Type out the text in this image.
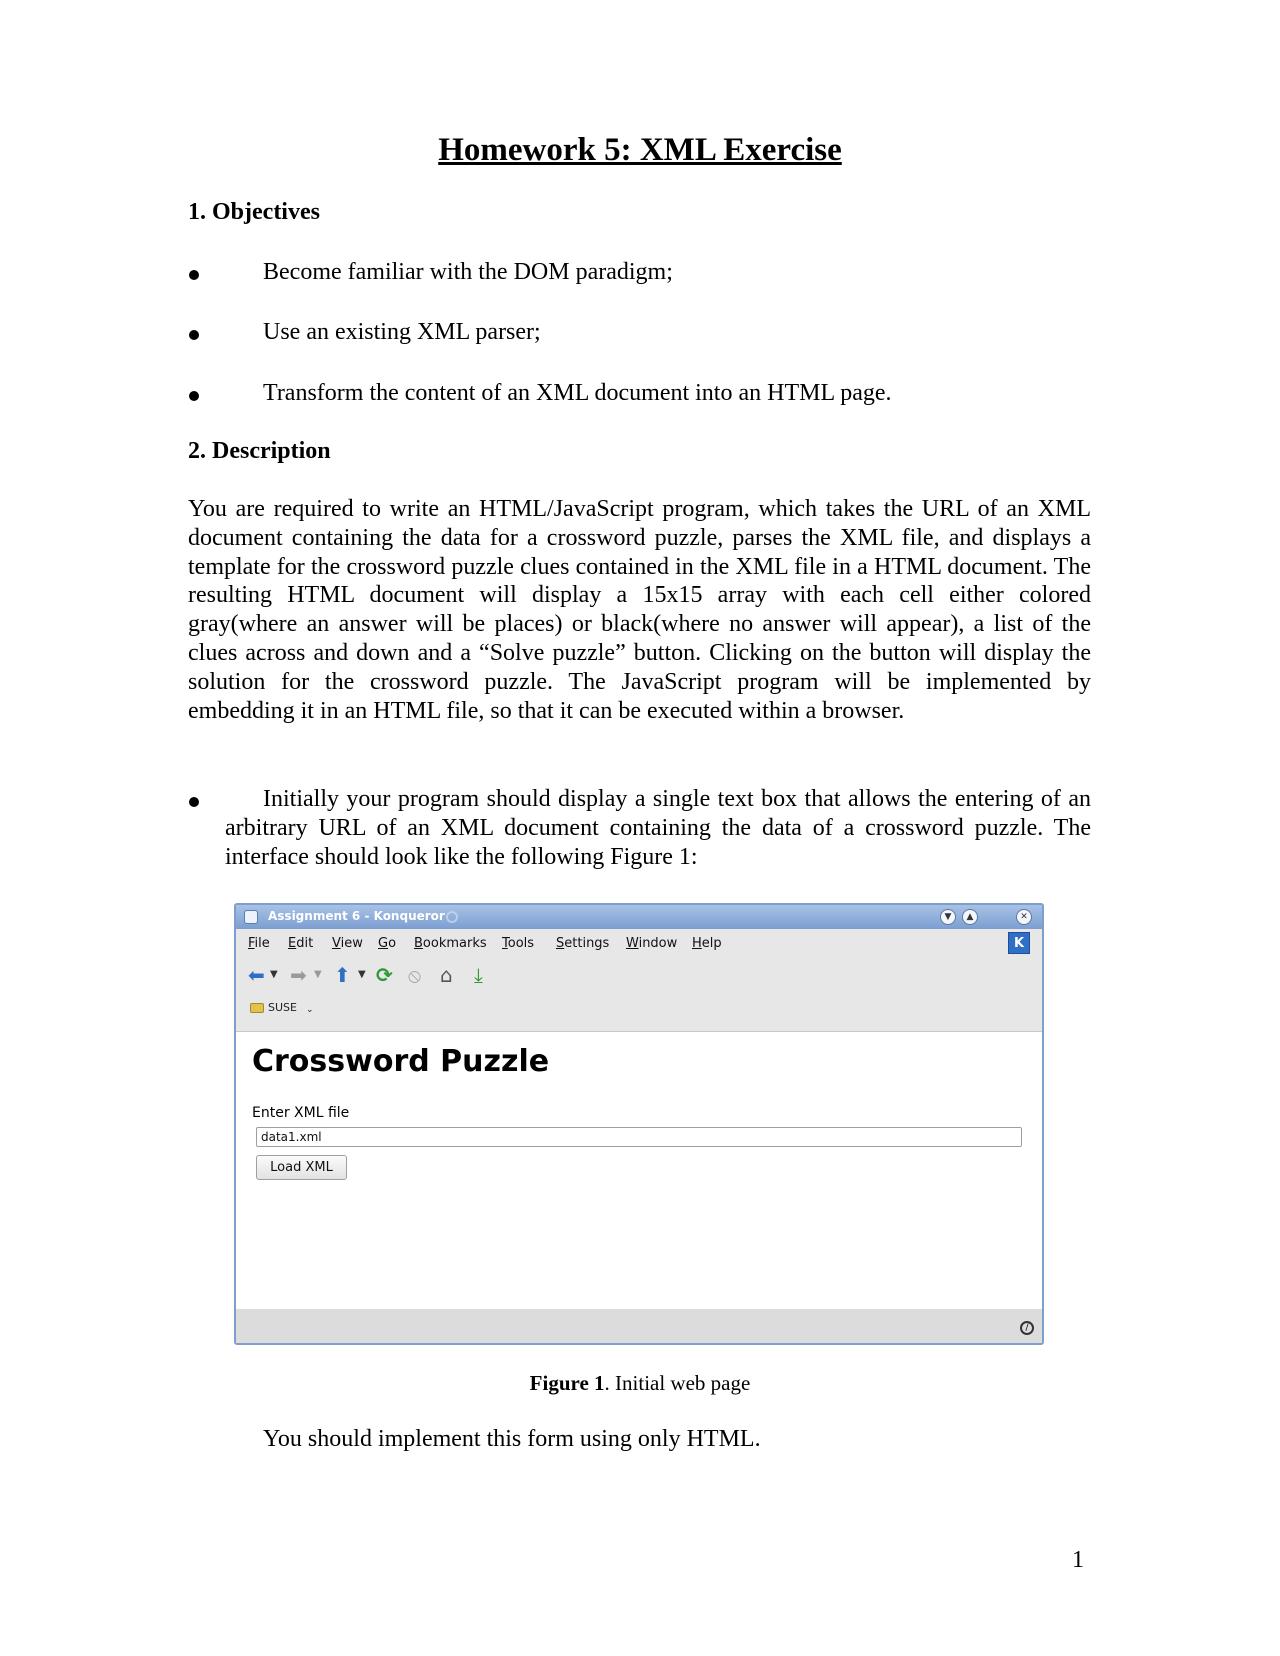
Homework 5: XML Exercise
1. Objectives
Become familiar with the DOM paradigm;
Use an existing XML parser;
Transform the content of an XML document into an HTML page.
2. Description
You are required to write an HTML/JavaScript program, which takes the URL of an XML document containing the data for a crossword puzzle, parses the XML file, and displays a template for the crossword puzzle clues contained in the XML file in a HTML document. The resulting HTML document will display a 15x15 array with each cell either colored gray(where an answer will be places) or black(where no answer will appear), a list of the clues across and down and a “Solve puzzle” button. Clicking on the button will display the solution for the crossword puzzle. The JavaScript program will be implemented by embedding it in an HTML file, so that it can be executed within a browser.
Initially your program should display a single text box that allows the entering of an arbitrary URL of an XML document containing the data of a crossword puzzle. The interface should look like the following Figure 1:
Assignment 6 - Konqueror	▼	▲	✕
File Edit View Go Bookmarks Tools Settings Window Help	K
⬅ ▼ ➡ ▼ ⬆ ▼ ⟳ ⦸ ⌂ ⤓
SUSE ⌄
Crossword Puzzle
Enter XML file
data1.xml
Load XML
/
Figure 1. Initial web page
You should implement this form using only HTML.
1
